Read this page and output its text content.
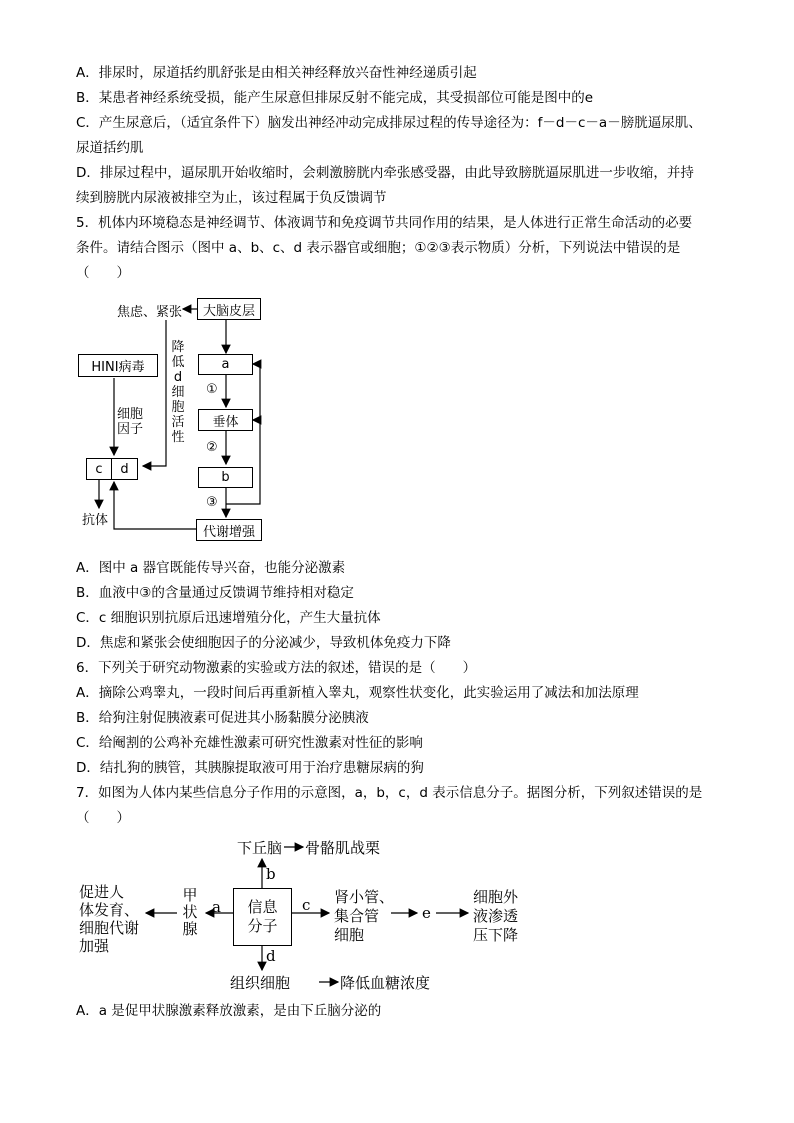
A．排尿时，尿道括约肌舒张是由相关神经释放兴奋性神经递质引起
B．某患者神经系统受损，能产生尿意但排尿反射不能完成，其受损部位可能是图中的e
C．产生尿意后，（适宜条件下）脑发出神经冲动完成排尿过程的传导途径为：f－d－c－a－膀胱逼尿肌、
尿道括约肌
D．排尿过程中，逼尿肌开始收缩时，会刺激膀胱内牵张感受器，由此导致膀胱逼尿肌进一步收缩，并持
续到膀胱内尿液被排空为止，该过程属于负反馈调节
5．机体内环境稳态是神经调节、体液调节和免疫调节共同作用的结果，是人体进行正常生命活动的必要
条件。请结合图示（图中 a、b、c、d 表示器官或细胞；①②③表示物质）分析，下列说法中错误的是
（　　）
焦虑、紧张	大脑皮层
HINI病毒
降低d细胞活性
a
①
垂体
细胞因子
②
c	d
b
③
抗体
代谢增强
A．图中 a 器官既能传导兴奋，也能分泌激素
B．血液中③的含量通过反馈调节维持相对稳定
C．c 细胞识别抗原后迅速增殖分化，产生大量抗体
D．焦虑和紧张会使细胞因子的分泌减少，导致机体免疫力下降
6．下列关于研究动物激素的实验或方法的叙述，错误的是（　　）
A．摘除公鸡睾丸，一段时间后再重新植入睾丸，观察性状变化，此实验运用了减法和加法原理
B．给狗注射促胰液素可促进其小肠黏膜分泌胰液
C．给阉割的公鸡补充雄性激素可研究性激素对性征的影响
D．结扎狗的胰管，其胰腺提取液可用于治疗患糖尿病的狗
7．如图为人体内某些信息分子作用的示意图，a，b，c，d 表示信息分子。据图分析，下列叙述错误的是
（　　）
下丘脑 骨骼肌战栗
b
促进人
体发育、
细胞代谢
加强
a
甲状腺
信息
分子
c 肾小管、
集合管
细胞
e
细胞外
液渗透
压下降
d
组织细胞	降低血糖浓度
A．a 是促甲状腺激素释放激素，是由下丘脑分泌的
